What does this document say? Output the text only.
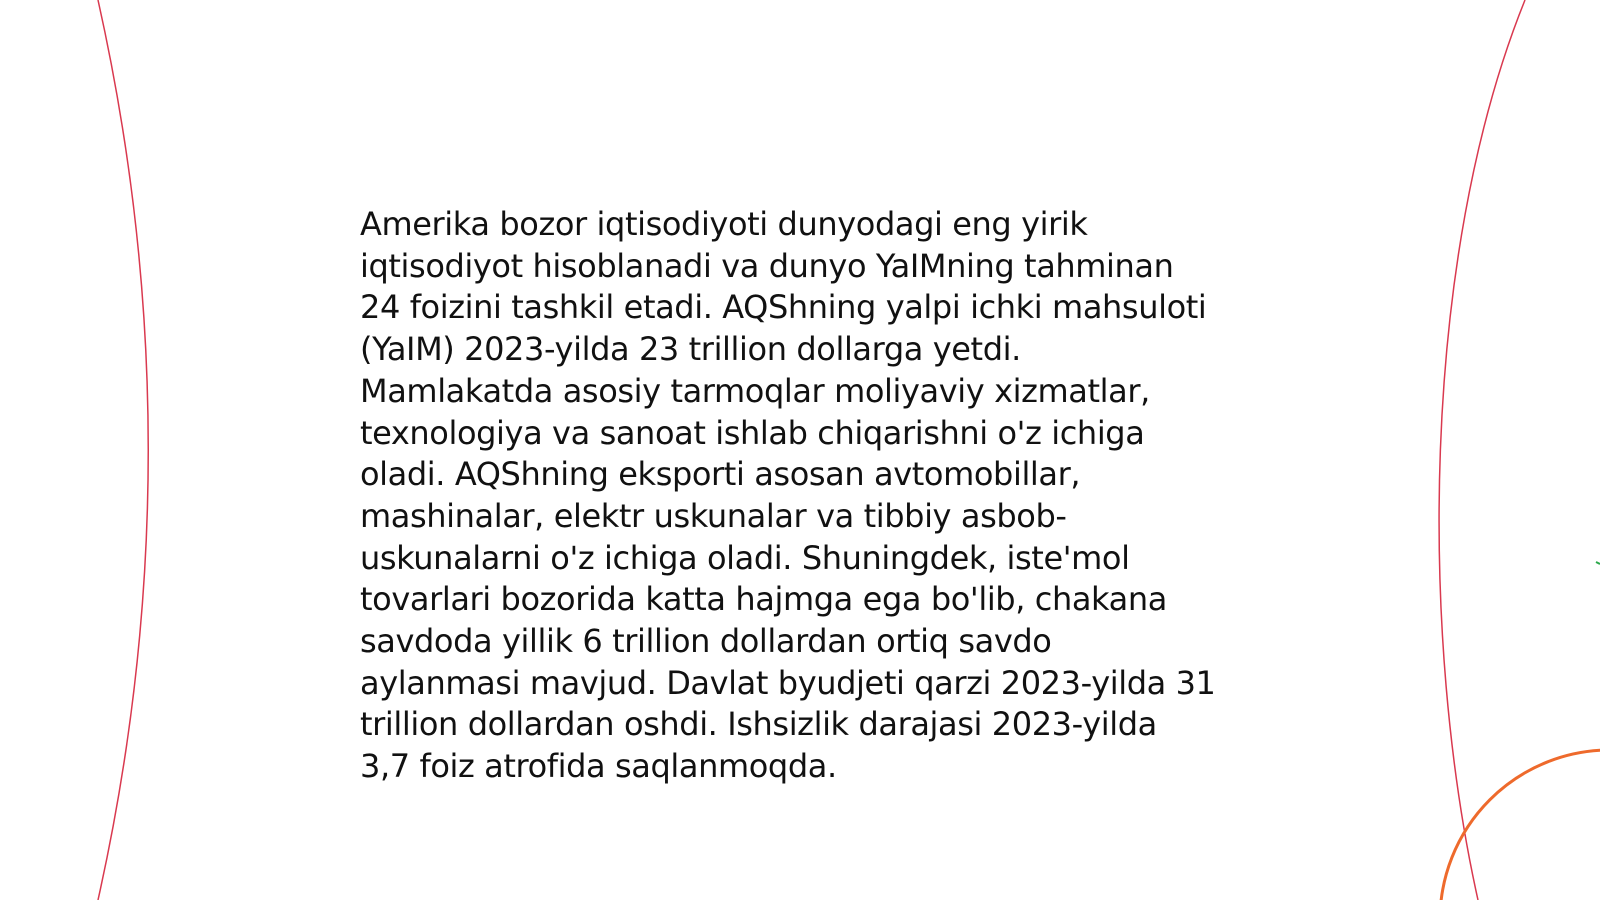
Amerika bozor iqtisodiyoti dunyodagi eng yirik
iqtisodiyot hisoblanadi va dunyo YaIMning tahminan
24 foizini tashkil etadi. AQShning yalpi ichki mahsuloti
(YaIM) 2023-yilda 23 trillion dollarga yetdi.
Mamlakatda asosiy tarmoqlar moliyaviy xizmatlar,
texnologiya va sanoat ishlab chiqarishni o'z ichiga
oladi. AQShning eksporti asosan avtomobillar,
mashinalar, elektr uskunalar va tibbiy asbob-
uskunalarni o'z ichiga oladi. Shuningdek, iste'mol
tovarlari bozorida katta hajmga ega bo'lib, chakana
savdoda yillik 6 trillion dollardan ortiq savdo
aylanmasi mavjud. Davlat byudjeti qarzi 2023-yilda 31
trillion dollardan oshdi. Ishsizlik darajasi 2023-yilda
3,7 foiz atrofida saqlanmoqda.
